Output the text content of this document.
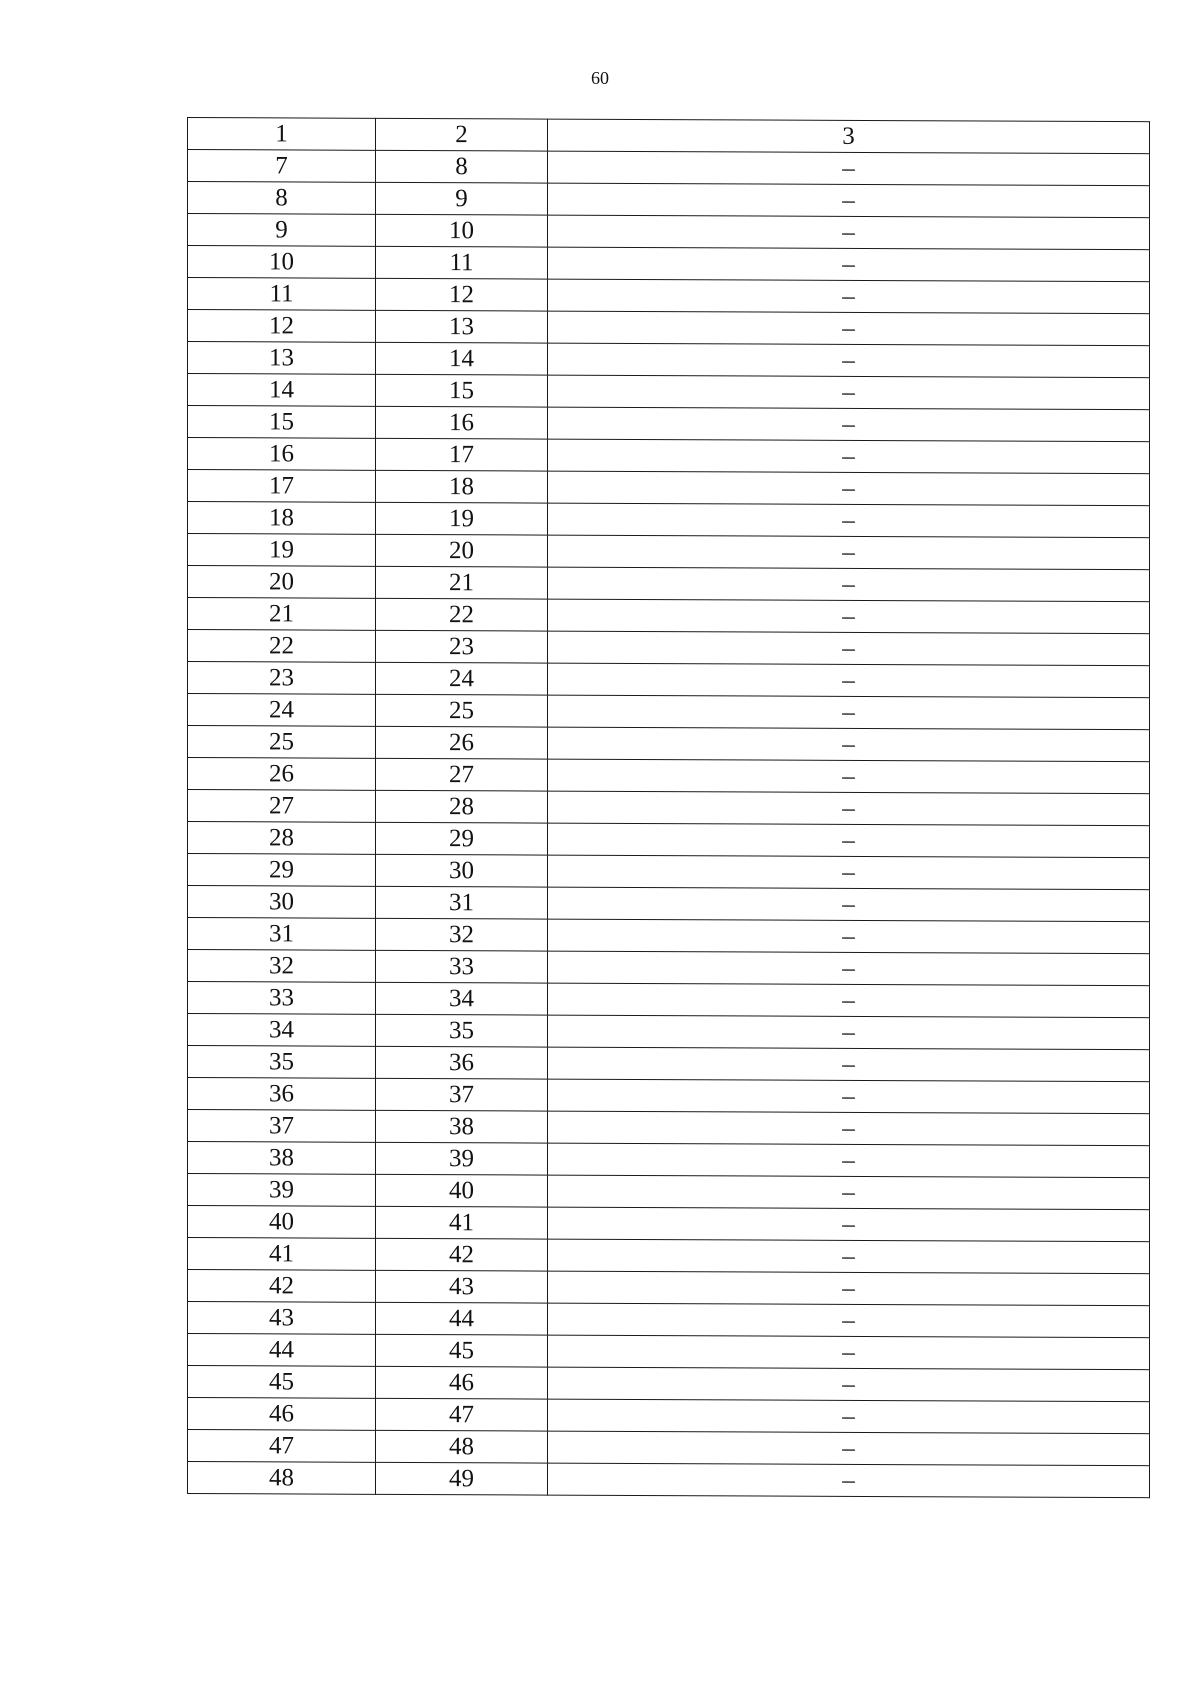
60
1	2	3
7	8	–
8	9	–
9	10	–
10	11	–
11	12	–
12	13	–
13	14	–
14	15	–
15	16	–
16	17	–
17	18	–
18	19	–
19	20	–
20	21	–
21	22	–
22	23	–
23	24	–
24	25	–
25	26	–
26	27	–
27	28	–
28	29	–
29	30	–
30	31	–
31	32	–
32	33	–
33	34	–
34	35	–
35	36	–
36	37	–
37	38	–
38	39	–
39	40	–
40	41	–
41	42	–
42	43	–
43	44	–
44	45	–
45	46	–
46	47	–
47	48	–
48	49	–
